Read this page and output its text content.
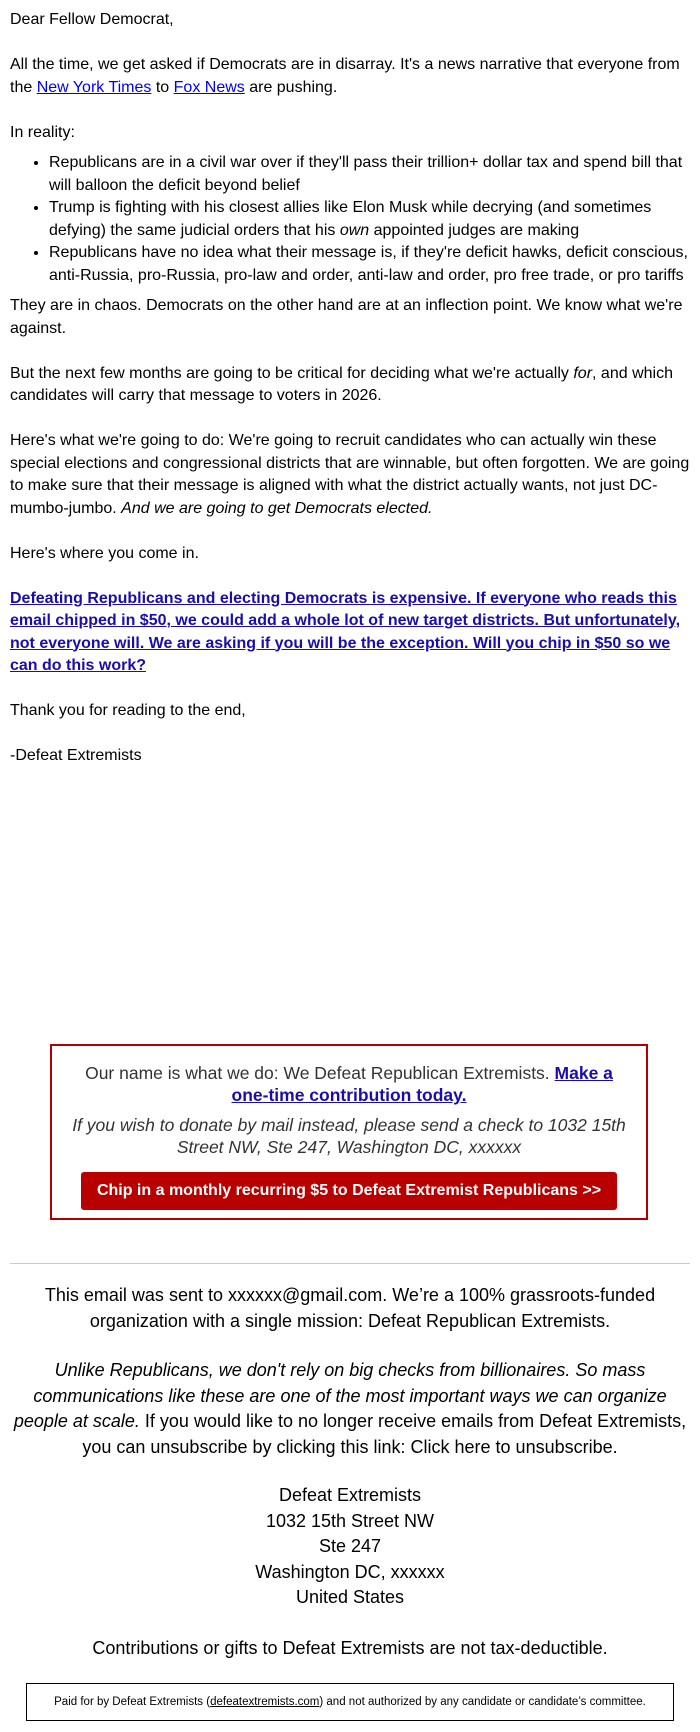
Dear Fellow Democrat,

All the time, we get asked if Democrats are in disarray. It's a news narrative that everyone from the New York Times to Fox News are pushing.

In reality:

• Republicans are in a civil war over if they'll pass their trillion+ dollar tax and spend bill that will balloon the deficit beyond belief
• Trump is fighting with his closest allies like Elon Musk while decrying (and sometimes defying) the same judicial orders that his own appointed judges are making
• Republicans have no idea what their message is, if they're deficit hawks, deficit conscious, anti-Russia, pro-Russia, pro-law and order, anti-law and order, pro free trade, or pro tariffs

They are in chaos. Democrats on the other hand are at an inflection point. We know what we're against.

But the next few months are going to be critical for deciding what we're actually for, and which candidates will carry that message to voters in 2026.

Here's what we're going to do: We're going to recruit candidates who can actually win these special elections and congressional districts that are winnable, but often forgotten. We are going to make sure that their message is aligned with what the district actually wants, not just DC-mumbo-jumbo. And we are going to get Democrats elected.

Here's where you come in.

Defeating Republicans and electing Democrats is expensive. If everyone who reads this email chipped in $50, we could add a whole lot of new target districts. But unfortunately, not everyone will. We are asking if you will be the exception. Will you chip in $50 so we can do this work?

Thank you for reading to the end,

-Defeat Extremists

Our name is what we do: We Defeat Republican Extremists. Make a one-time contribution today.
If you wish to donate by mail instead, please send a check to 1032 15th Street NW, Ste 247, Washington DC, xxxxxx
Chip in a monthly recurring $5 to Defeat Extremist Republicans >>

This email was sent to xxxxxx@gmail.com. We’re a 100% grassroots-funded organization with a single mission: Defeat Republican Extremists.

Unlike Republicans, we don't rely on big checks from billionaires. So mass communications like these are one of the most important ways we can organize people at scale. If you would like to no longer receive emails from Defeat Extremists, you can unsubscribe by clicking this link: Click here to unsubscribe.

Defeat Extremists

1032 15th Street NW

Ste 247

Washington DC, xxxxxx

United States

Contributions or gifts to Defeat Extremists are not tax-deductible.

Paid for by Defeat Extremists (defeatextremists.com) and not authorized by any candidate or candidate’s committee.
